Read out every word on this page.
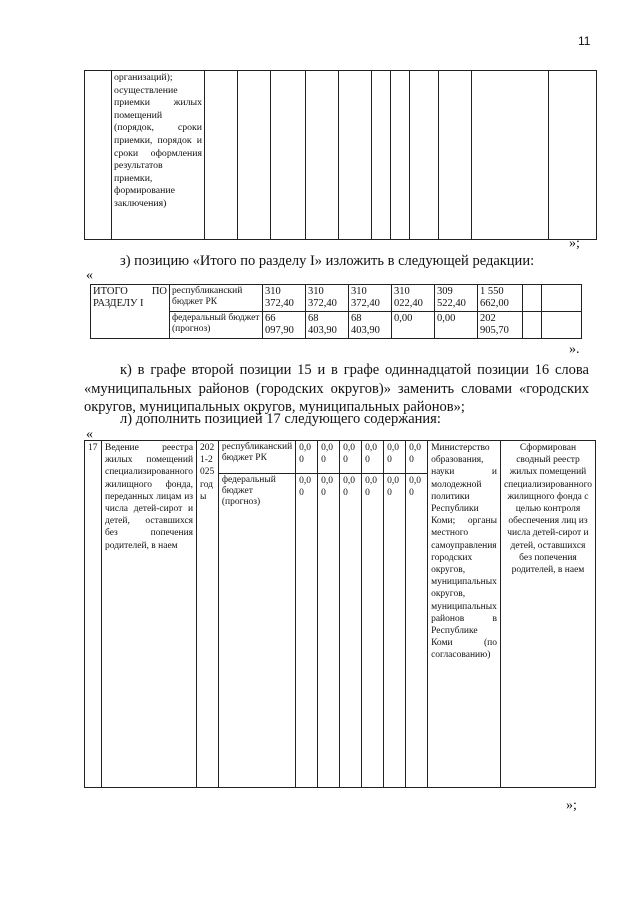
11
	организаций); осуществление приемки жилых помещений (порядок, сроки приемки, порядок и сроки оформления результатов приемки, формирование заключения)											
»;
з) позицию «Итого по разделу I» изложить в следующей редакции:
«
ИТОГО ПО РАЗДЕЛУ I	республиканский бюджет РК	310 372,40	310 372,40	310 372,40	310 022,40	309 522,40	1 550 662,00		
	федеральный бюджет (прогноз)	66 097,90	68 403,90	68 403,90	0,00	0,00	202 905,70		
».
к) в графе второй позиции 15 и в графе одиннадцатой позиции 16 слова «муниципальных районов (городских округов)» заменить словами «городских округов, муниципальных округов, муниципальных районов»;
л) дополнить позицией 17 следующего содержания:
«
17	Ведение реестра жилых помещений специализированного жилищного фонда, переданных лицам из числа детей-сирот и детей, оставшихся без попечения родителей, в наем	2021-2025 годы	республиканский бюджет РК	0,00	0,00	0,00	0,00	0,00	0,00	Министерство образования, науки и молодежной политики Республики Коми; органы местного самоуправления городских округов, муниципальных округов, муниципальных районов в Республике Коми (по согласованию)	Сформирован сводный реестр жилых помещений специализированного жилищного фонда с целью контроля обеспечения лиц из числа детей-сирот и детей, оставшихся без попечения родителей, в наем
			федеральный бюджет (прогноз)	0,00	0,00	0,00	0,00	0,00	0,00		
»;
